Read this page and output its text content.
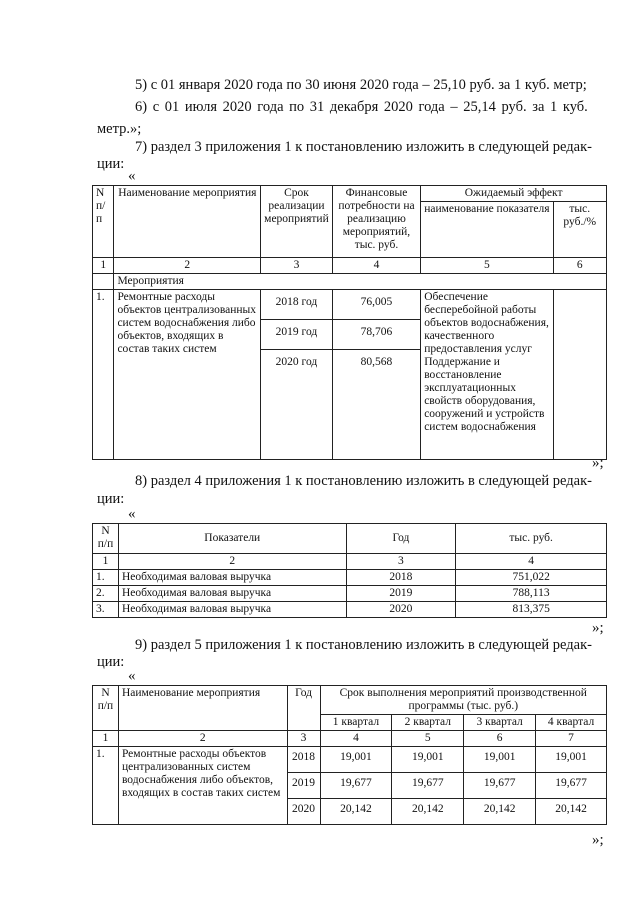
5) с 01 января 2020 года по 30 июня 2020 года – 25,10 руб. за 1 куб. метр;
6) с 01 июля 2020 года по 31 декабря 2020 года – 25,14 руб. за 1 куб.
метр.»;
7) раздел 3 приложения 1 к постановлению изложить в следующей редак-
ции:
«
N п/ п	Наименование мероприятия	Срок реализации мероприятий	Финансовые потребности на реализацию мероприятий, тыс. руб.	Ожидаемый эффект	
				наименование показателя	тыс. руб./%
1	2	3	4	5	6
	Мероприятия				
1.	Ремонтные расходы объектов централизованных систем водоснабжения либо объектов, входящих в состав таких систем	2018 год	76,005	Обеспечение бесперебойной работы объектов водоснабжения, качественного предоставления услуг Поддержание и восстановление эксплуатационных свойств оборудования, сооружений и устройств систем водоснабжения	
		2019 год	78,706		
		2020 год	80,568		
»;
8) раздел 4 приложения 1 к постановлению изложить в следующей редак-
ции:
«
N п/п	Показатели	Год	тыс. руб.
1	2	3	4
1.	Необходимая валовая выручка	2018	751,022
2.	Необходимая валовая выручка	2019	788,113
3.	Необходимая валовая выручка	2020	813,375
»;
9) раздел 5 приложения 1 к постановлению изложить в следующей редак-
ции:
«
N п/п	Наименование мероприятия	Год	Срок выполнения мероприятий производственной программы (тыс. руб.)			
			1 квартал	2 квартал	3 квартал	4 квартал
1	2	3	4	5	6	7
1.	Ремонтные расходы объектов централизованных систем водоснабжения либо объектов, входящих в состав таких систем	2018	19,001	19,001	19,001	19,001
		2019	19,677	19,677	19,677	19,677
		2020	20,142	20,142	20,142	20,142
»;
